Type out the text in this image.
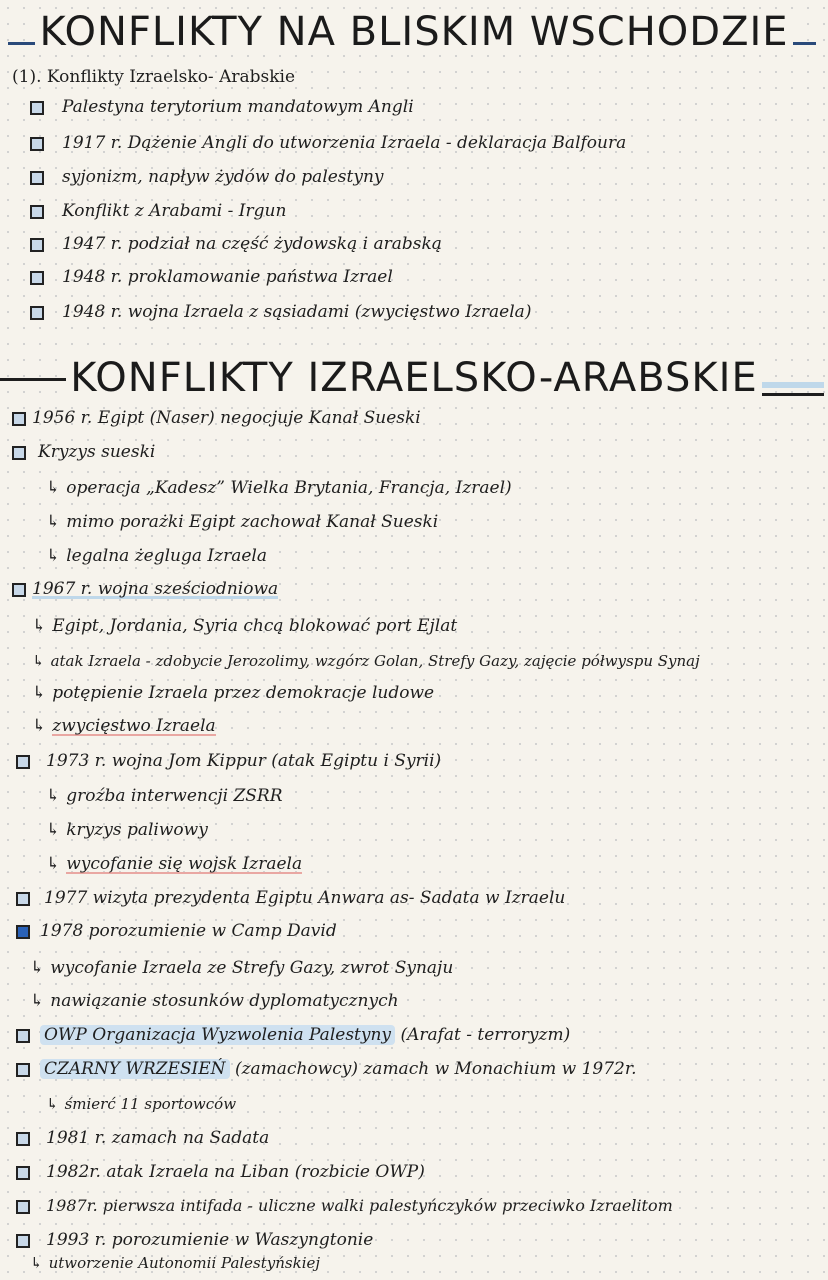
KONFLIKTY NA BLISKIM WSCHODZIE
(1). Konflikty Izraelsko- Arabskie
Palestyna terytorium mandatowym Angli
1917 r. Dążenie Angli do utworzenia Izraela - deklaracja Balfoura
syjonizm, napływ żydów do palestyny
Konflikt z Arabami - Irgun
1947 r. podział na część żydowską i arabską
1948 r. proklamowanie państwa Izrael
1948 r. wojna Izraela z sąsiadami (zwycięstwo Izraela)
KONFLIKTY IZRAELSKO-ARABSKIE
1956 r. Egipt (Naser) negocjuje Kanał Sueski
Kryzys sueski
↳ operacja „Kadesz” Wielka Brytania, Francja, Izrael)
↳ mimo porażki Egipt zachował Kanał Sueski
↳ legalna żegluga Izraela
1967 r. wojna sześciodniowa
↳ Egipt, Jordania, Syria chcą blokować port Ejlat
↳ atak Izraela - zdobycie Jerozolimy, wzgórz Golan, Strefy Gazy, zajęcie półwyspu Synaj
↳ potępienie Izraela przez demokracje ludowe
↳ zwycięstwo Izraela
1973 r. wojna Jom Kippur (atak Egiptu i Syrii)
↳ groźba interwencji ZSRR
↳ kryzys paliwowy
↳ wycofanie się wojsk Izraela
1977 wizyta prezydenta Egiptu Anwara as- Sadata w Izraelu
1978 porozumienie w Camp David
↳ wycofanie Izraela ze Strefy Gazy, zwrot Synaju
↳ nawiązanie stosunków dyplomatycznych
OWP Organizacja Wyzwolenia Palestyny (Arafat - terroryzm)
CZARNY WRZESIEŃ (zamachowcy) zamach w Monachium w 1972r.
↳ śmierć 11 sportowców
1981 r. zamach na Sadata
1982r. atak Izraela na Liban (rozbicie OWP)
1987r. pierwsza intifada - uliczne walki palestyńczyków przeciwko Izraelitom
1993 r. porozumienie w Waszyngtonie
↳ utworzenie Autonomii Palestyńskiej
